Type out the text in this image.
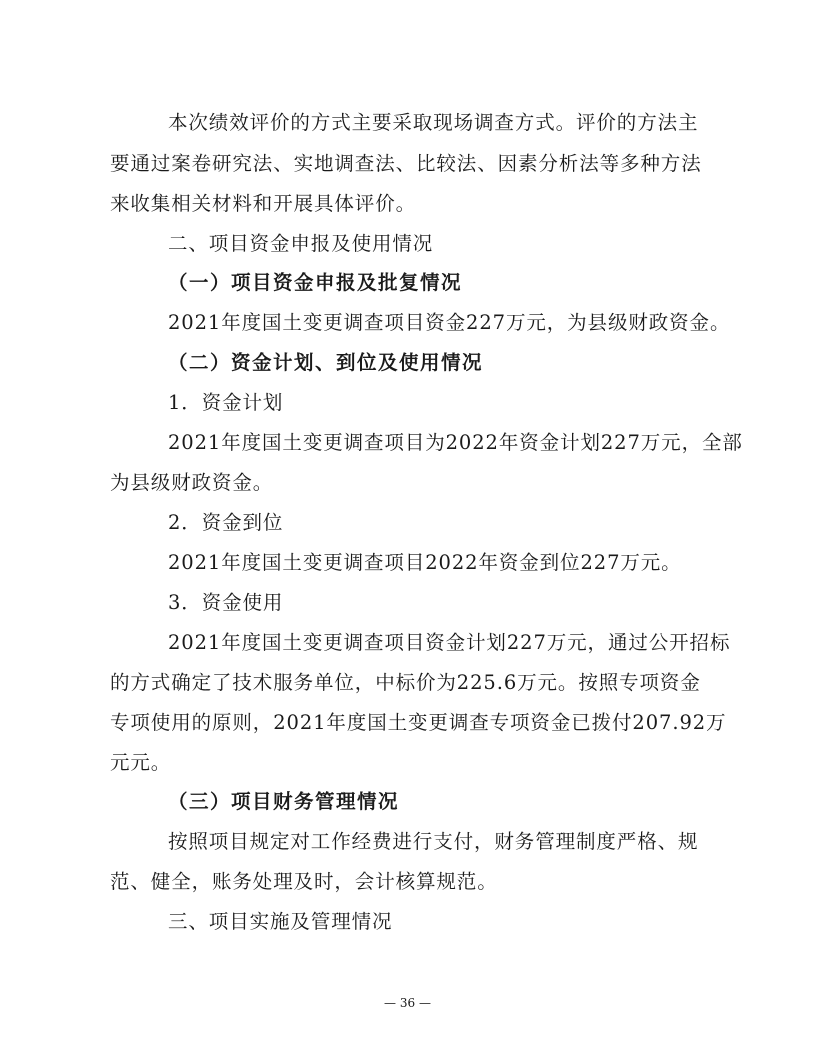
本次绩效评价的方式主要采取现场调查方式。评价的方法主
要通过案卷研究法、实地调查法、比较法、因素分析法等多种方法
来收集相关材料和开展具体评价。
二、项目资金申报及使用情况
（一）项目资金申报及批复情况
2021年度国土变更调查项目资金227万元，为县级财政资金。
（二）资金计划、到位及使用情况
1．资金计划
2021年度国土变更调查项目为2022年资金计划227万元，全部
为县级财政资金。
2．资金到位
2021年度国土变更调查项目2022年资金到位227万元。
3．资金使用
2021年度国土变更调查项目资金计划227万元，通过公开招标
的方式确定了技术服务单位，中标价为225.6万元。按照专项资金
专项使用的原则，2021年度国土变更调查专项资金已拨付207.92万
元元。
（三）项目财务管理情况
按照项目规定对工作经费进行支付，财务管理制度严格、规
范、健全，账务处理及时，会计核算规范。
三、项目实施及管理情况
— 36 —
